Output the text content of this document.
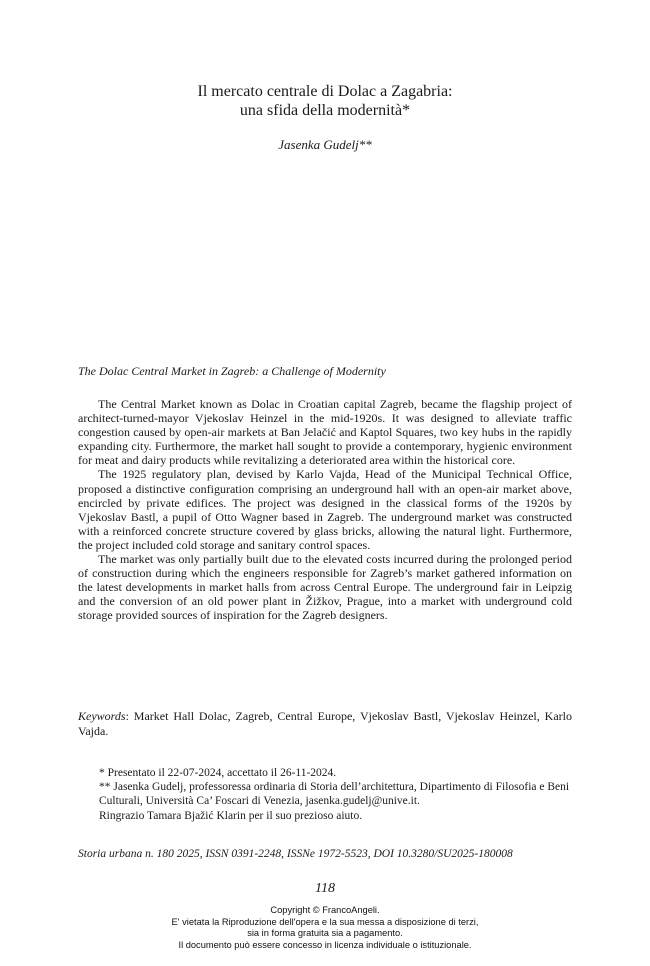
Il mercato centrale di Dolac a Zagabria:
una sfida della modernità*
Jasenka Gudelj**
The Dolac Central Market in Zagreb: a Challenge of Modernity

The Central Market known as Dolac in Croatian capital Zagreb, became the flagship project of architect-turned-mayor Vjekoslav Heinzel in the mid-1920s. It was designed to alleviate traffic congestion caused by open-air markets at Ban Jelačić and Kaptol Squares, two key hubs in the rapidly expanding city. Furthermore, the market hall sought to provide a contemporary, hygienic environment for meat and dairy products while revitalizing a deteriorated area within the historical core.

The 1925 regulatory plan, devised by Karlo Vajda, Head of the Municipal Technical Office, proposed a distinctive configuration comprising an underground hall with an open-air market above, encircled by private edifices. The project was designed in the classical forms of the 1920s by Vjekoslav Bastl, a pupil of Otto Wagner based in Zagreb. The underground market was constructed with a reinforced concrete structure covered by glass bricks, allowing the natural light. Furthermore, the project included cold storage and sanitary control spaces.

The market was only partially built due to the elevated costs incurred during the prolonged period of construction during which the engineers responsible for Zagreb’s market gathered information on the latest developments in market halls from across Central Europe. The underground fair in Leipzig and the conversion of an old power plant in Žižkov, Prague, into a market with underground cold storage provided sources of inspiration for the Zagreb designers.

Keywords: Market Hall Dolac, Zagreb, Central Europe, Vjekoslav Bastl, Vjekoslav Heinzel, Karlo Vajda.

* Presentato il 22-07-2024, accettato il 26-11-2024.

** Jasenka Gudelj, professoressa ordinaria di Storia dell’architettura, Dipartimento di Filosofia e Beni Culturali, Università Ca’ Foscari di Venezia, jasenka.gudelj@unive.it.

Ringrazio Tamara Bjažić Klarin per il suo prezioso aiuto.

Storia urbana n. 180 2025, ISSN 0391-2248, ISSNe 1972-5523, DOI 10.3280/SU2025-180008
118
Copyright © FrancoAngeli.
E' vietata la Riproduzione dell'opera e la sua messa a disposizione di terzi,
sia in forma gratuita sia a pagamento.
Il documento può essere concesso in licenza individuale o istituzionale.
